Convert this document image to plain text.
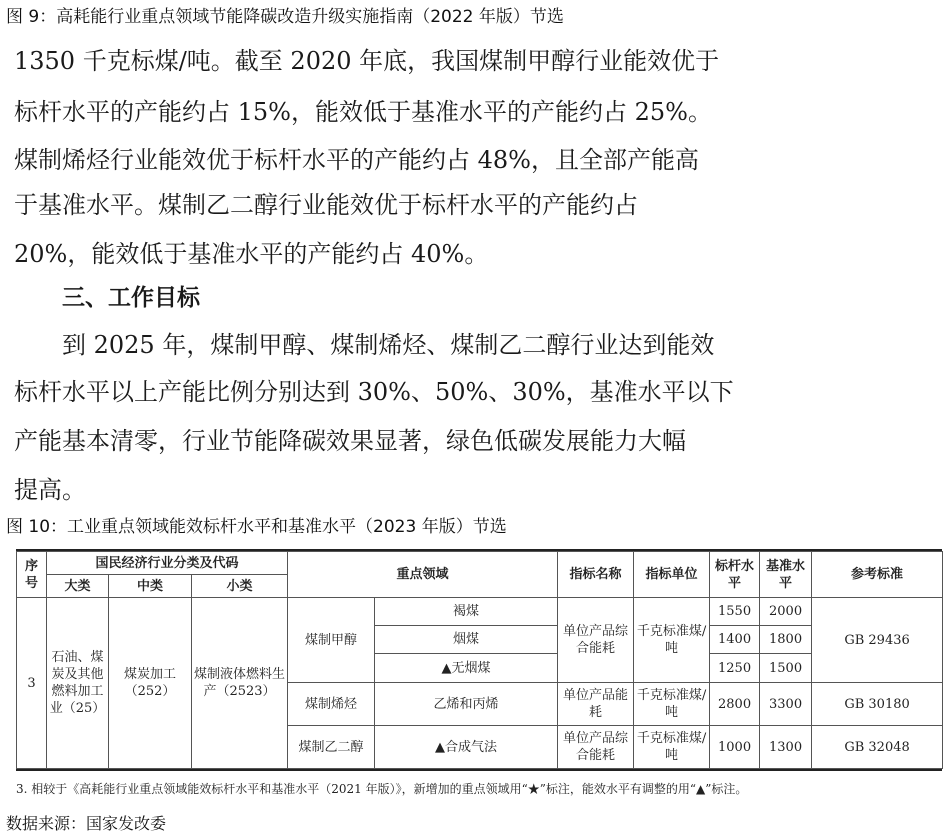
图 9：高耗能行业重点领域节能降碳改造升级实施指南（2022 年版）节选
1350 千克标煤/吨。截至 2020 年底，我国煤制甲醇行业能效优于
标杆水平的产能约占 15%，能效低于基准水平的产能约占 25%。
煤制烯烃行业能效优于标杆水平的产能约占 48%，且全部产能高
于基准水平。煤制乙二醇行业能效优于标杆水平的产能约占
20%，能效低于基准水平的产能约占 40%。
三、工作目标
到 2025 年，煤制甲醇、煤制烯烃、煤制乙二醇行业达到能效
标杆水平以上产能比例分别达到 30%、50%、30%，基准水平以下
产能基本清零，行业节能降碳效果显著，绿色低碳发展能力大幅
提高。
图 10：工业重点领域能效标杆水平和基准水平（2023 年版）节选
序号	国民经济行业分类及代码			重点领域		指标名称	指标单位	标杆水平	基准水平	参考标准
	大类	中类	小类							
3	石油、煤炭及其他燃料加工业（25）	煤炭加工（252）	煤制液体燃料生产（2523）	煤制甲醇	褐煤	单位产品综合能耗	千克标准煤/吨	1550	2000	GB 29436
					烟煤			1400	1800	
					▲无烟煤			1250	1500	
				煤制烯烃	乙烯和丙烯	单位产品能耗	千克标准煤/吨	2800	3300	GB 30180
				煤制乙二醇	▲合成气法	单位产品综合能耗	千克标准煤/吨	1000	1300	GB 32048
3. 相较于《高耗能行业重点领域能效标杆水平和基准水平（2021 年版）》，新增加的重点领域用“★”标注，能效水平有调整的用“▲”标注。
数据来源：国家发改委
